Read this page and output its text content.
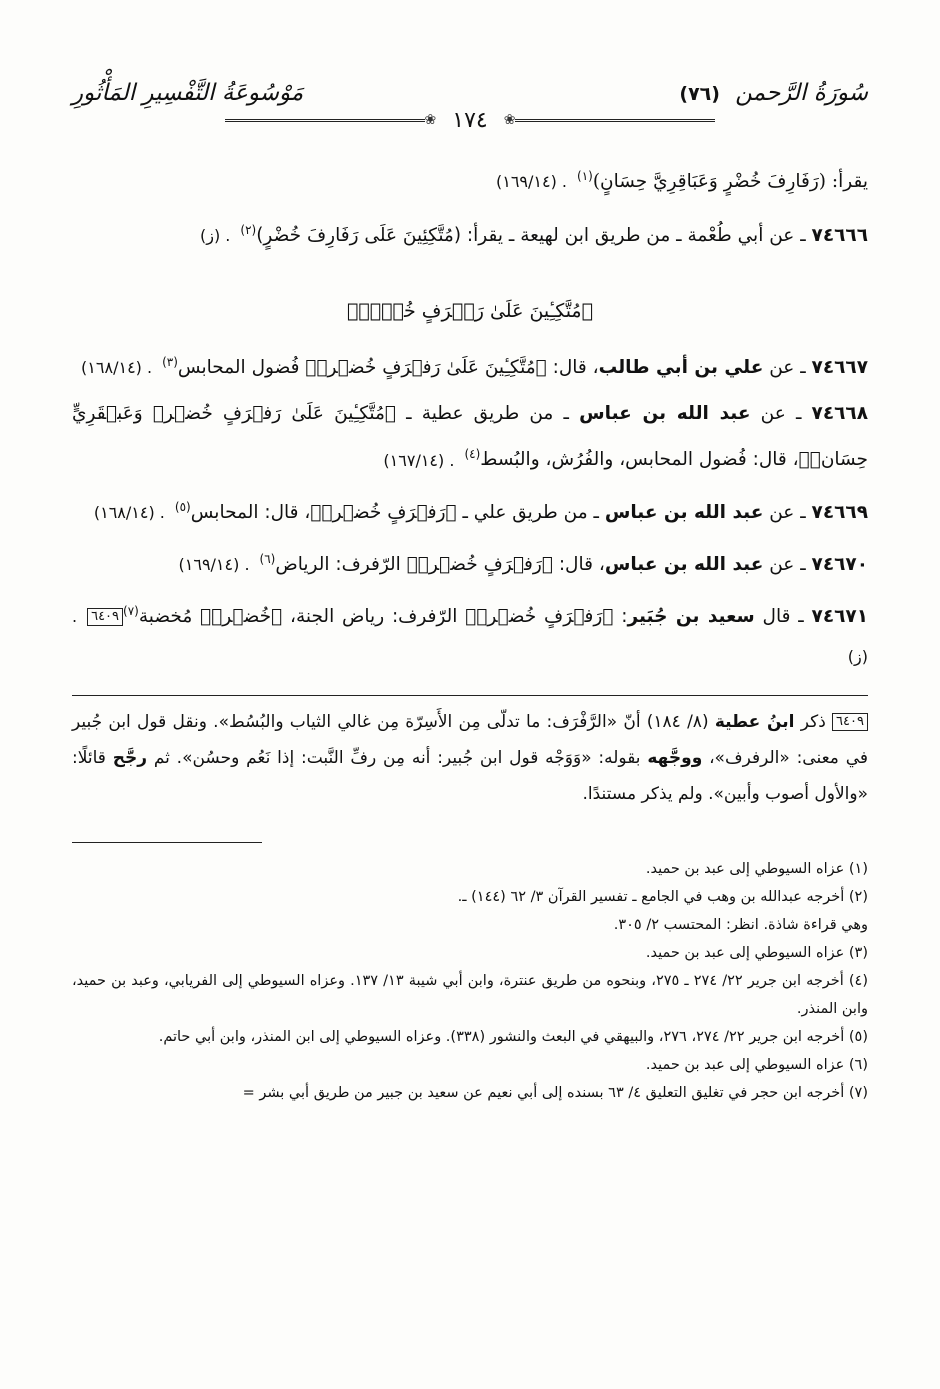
سُورَةُ الرَّحمن (٧٦)
مَوْسُوعَةُ التَّفْسِيرِ المَأْثُورِ
❀
١٧٤
❀

يقرأ: (رَفَارِفَ خُضْرٍ وَعَبَاقِرِيَّ حِسَانٍ)$^{(١)}$. (١٦٩/١٤)

٧٤٦٦٦ ـ عن أبي طُعْمة ـ من طريق ابن لهيعة ـ يقرأ: (مُتَّكِئِينَ عَلَى رَفَارِفَ خُضْرٍ)$^{(٢)}$. (ز)

﴿مُتَّكِـِٔينَ عَلَىٰ رَفۡرَفٍ خُضۡرٖ﴾

٧٤٦٦٧ ـ عن علي بن أبي طالب، قال: ﴿مُتَّكِـِٔينَ عَلَىٰ رَفۡرَفٍ خُضۡرٖ﴾ فُضول المحابس$^{(٣)}$. (١٦٨/١٤)

٧٤٦٦٨ ـ عن عبد الله بن عباس ـ من طريق عطية ـ ﴿مُتَّكِـِٔينَ عَلَىٰ رَفۡرَفٍ خُضۡرٖ وَعَبۡقَرِيٍّ حِسَانٖ﴾، قال: فُضول المحابس، والفُرُش، والبُسط$^{(٤)}$. (١٦٧/١٤)

٧٤٦٦٩ ـ عن عبد الله بن عباس ـ من طريق علي ـ ﴿رَفۡرَفٍ خُضۡرٖ﴾، قال: المحابس$^{(٥)}$. (١٦٨/١٤)

٧٤٦٧٠ ـ عن عبد الله بن عباس، قال: ﴿رَفۡرَفٍ خُضۡرٖ﴾ الرّفرف: الرياض$^{(٦)}$. (١٦٩/١٤)

٧٤٦٧١ ـ قال سعيد بن جُبَير: ﴿رَفۡرَفٍ خُضۡرٖ﴾ الرّفرف: رياض الجنة، ﴿خُضۡرٖ﴾ مُخضبة$^{(٧)}$٦٤٠٩. (ز)

٦٤٠٩ ذكر ابنُ عطية (٨/ ١٨٤) أنّ «الرَّفْرَف: ما تدلّى مِن الأَسِرّة مِن غالي الثياب والبُسُط». ونقل قول ابن جُبير في معنى: «الرفرف»، ووجَّهه بقوله: «وَوَجْه قول ابن جُبير: أنه مِن رفِّ النَّبت: إذا نَعُم وحسُن». ثم رجَّح قائلًا: «والأول أصوب وأبين». ولم يذكر مستندًا.

(١) عزاه السيوطي إلى عبد بن حميد.

(٢) أخرجه عبدالله بن وهب في الجامع ـ تفسير القرآن ٣/ ٦٢ (١٤٤) ـ.

وهي قراءة شاذة. انظر: المحتسب ٢/ ٣٠٥.

(٣) عزاه السيوطي إلى عبد بن حميد.

(٤) أخرجه ابن جرير ٢٢/ ٢٧٤ ـ ٢٧٥، وبنحوه من طريق عنترة، وابن أبي شيبة ١٣/ ١٣٧. وعزاه السيوطي إلى الفريابي، وعبد بن حميد، وابن المنذر.

(٥) أخرجه ابن جرير ٢٢/ ٢٧٤، ٢٧٦، والبيهقي في البعث والنشور (٣٣٨). وعزاه السيوطي إلى ابن المنذر، وابن أبي حاتم.

(٦) عزاه السيوطي إلى عبد بن حميد.

(٧) أخرجه ابن حجر في تغليق التعليق ٤/ ٦٣ بسنده إلى أبي نعيم عن سعيد بن جبير من طريق أبي بشر =
